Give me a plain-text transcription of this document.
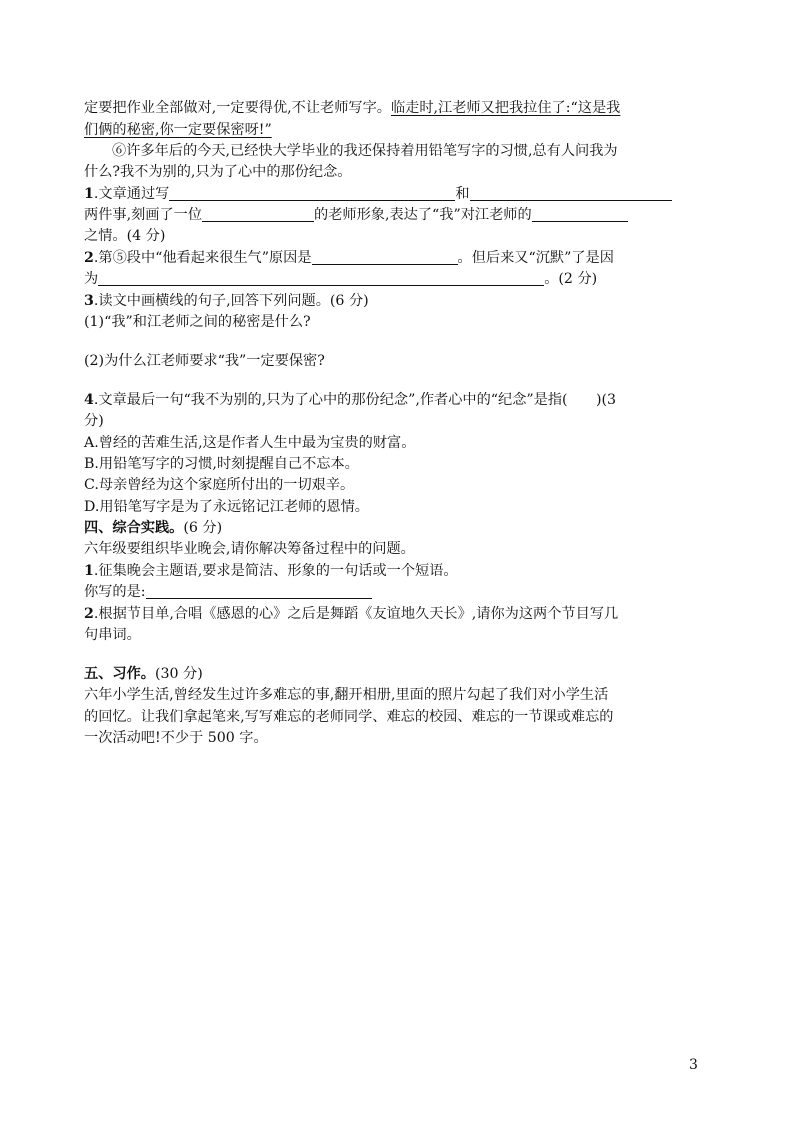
定要把作业全部做对,一定要得优,不让老师写字。临走时,江老师又把我拉住了:“这是我
们俩的秘密,你一定要保密呀!”
⑥许多年后的今天,已经快大学毕业的我还保持着用铅笔写字的习惯,总有人问我为
什么?我不为别的,只为了心中的那份纪念。
1.文章通过写	和
两件事,刻画了一位	的老师形象,表达了“我”对江老师的
之情。(4 分)
2.第⑤段中“他看起来很生气”原因是	。但后来又“沉默”了是因
为	。(2 分)
3.读文中画横线的句子,回答下列问题。(6 分)
(1)“我”和江老师之间的秘密是什么?
(2)为什么江老师要求“我”一定要保密?
4.文章最后一句“我不为别的,只为了心中的那份纪念”,作者心中的“纪念”是指(　　)(3
分)
A.曾经的苦难生活,这是作者人生中最为宝贵的财富。
B.用铅笔写字的习惯,时刻提醒自己不忘本。
C.母亲曾经为这个家庭所付出的一切艰辛。
D.用铅笔写字是为了永远铭记江老师的恩情。
四、综合实践。(6 分)
六年级要组织毕业晚会,请你解决筹备过程中的问题。
1.征集晚会主题语,要求是简洁、形象的一句话或一个短语。
你写的是:
2.根据节目单,合唱《感恩的心》之后是舞蹈《友谊地久天长》,请你为这两个节目写几
句串词。
五、习作。(30 分)
六年小学生活,曾经发生过许多难忘的事,翻开相册,里面的照片勾起了我们对小学生活
的回忆。让我们拿起笔来,写写难忘的老师同学、难忘的校园、难忘的一节课或难忘的
一次活动吧!不少于 500 字。
3
